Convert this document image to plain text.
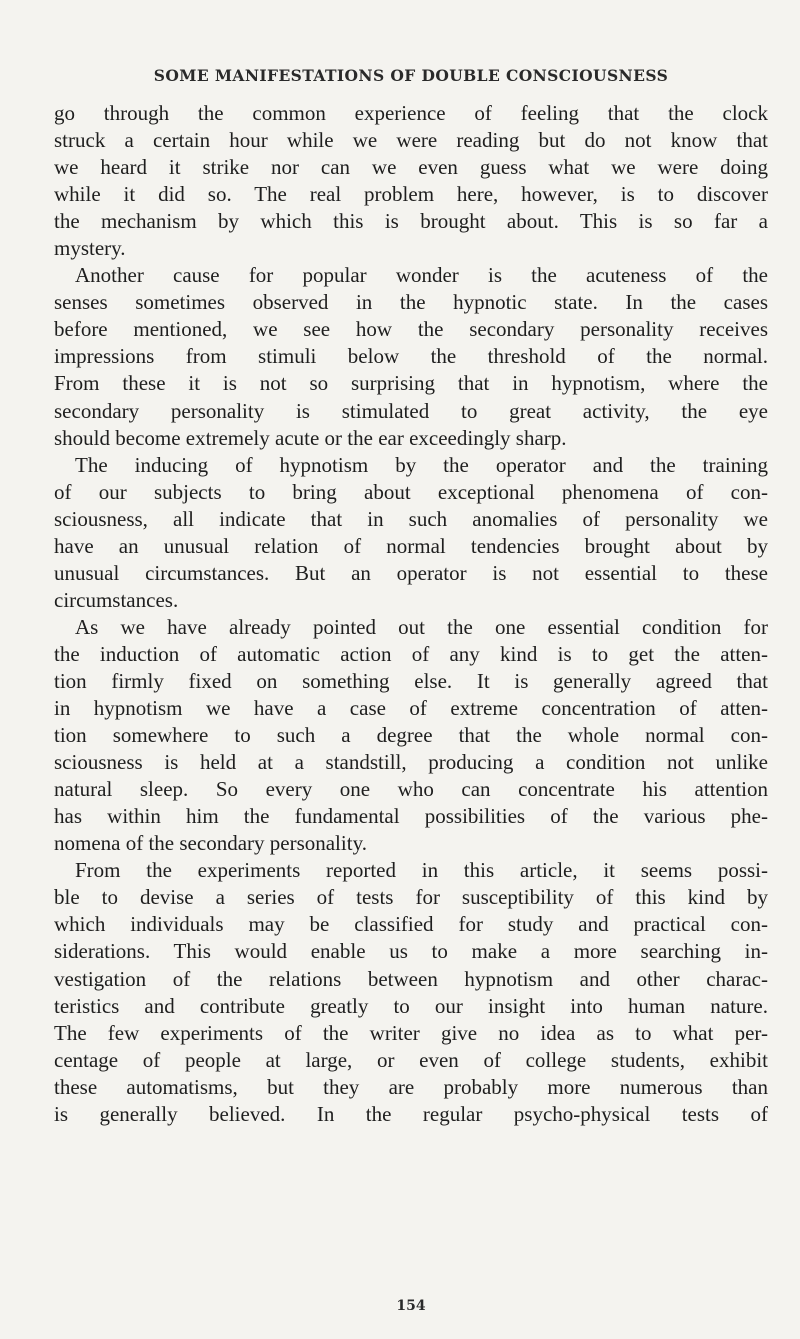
SOME MANIFESTATIONS OF DOUBLE CONSCIOUSNESS
go through the common experience of feeling that the clock
struck a certain hour while we were reading but do not know that
we heard it strike nor can we even guess what we were doing
while it did so. The real problem here, however, is to discover
the mechanism by which this is brought about. This is so far a
mystery.
Another cause for popular wonder is the acuteness of the
senses sometimes observed in the hypnotic state. In the cases
before mentioned, we see how the secondary personality receives
impressions from stimuli below the threshold of the normal.
From these it is not so surprising that in hypnotism, where the
secondary personality is stimulated to great activity, the eye
should become extremely acute or the ear exceedingly sharp.
The inducing of hypnotism by the operator and the training
of our subjects to bring about exceptional phenomena of con-
sciousness, all indicate that in such anomalies of personality we
have an unusual relation of normal tendencies brought about by
unusual circumstances. But an operator is not essential to these
circumstances.
As we have already pointed out the one essential condition for
the induction of automatic action of any kind is to get the atten-
tion firmly fixed on something else. It is generally agreed that
in hypnotism we have a case of extreme concentration of atten-
tion somewhere to such a degree that the whole normal con-
sciousness is held at a standstill, producing a condition not unlike
natural sleep. So every one who can concentrate his attention
has within him the fundamental possibilities of the various phe-
nomena of the secondary personality.
From the experiments reported in this article, it seems possi-
ble to devise a series of tests for susceptibility of this kind by
which individuals may be classified for study and practical con-
siderations. This would enable us to make a more searching in-
vestigation of the relations between hypnotism and other charac-
teristics and contribute greatly to our insight into human nature.
The few experiments of the writer give no idea as to what per-
centage of people at large, or even of college students, exhibit
these automatisms, but they are probably more numerous than
is generally believed. In the regular psycho-physical tests of
154
